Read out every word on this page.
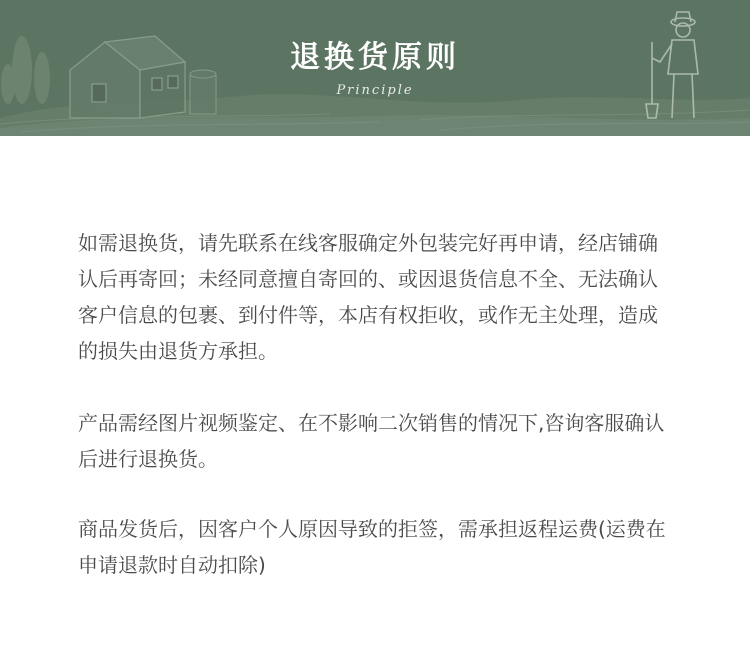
退换货原则
Principle

如需退换货，请先联系在线客服确定外包装完好再申请，经店铺确认后再寄回；未经同意擅自寄回的、或因退货信息不全、无法确认客户信息的包裹、到付件等，本店有权拒收，或作无主处理，造成的损失由退货方承担。

产品需经图片视频鉴定、在不影响二次销售的情况下,咨询客服确认后进行退换货。

商品发货后，因客户个人原因导致的拒签，需承担返程运费(运费在申请退款时自动扣除)
